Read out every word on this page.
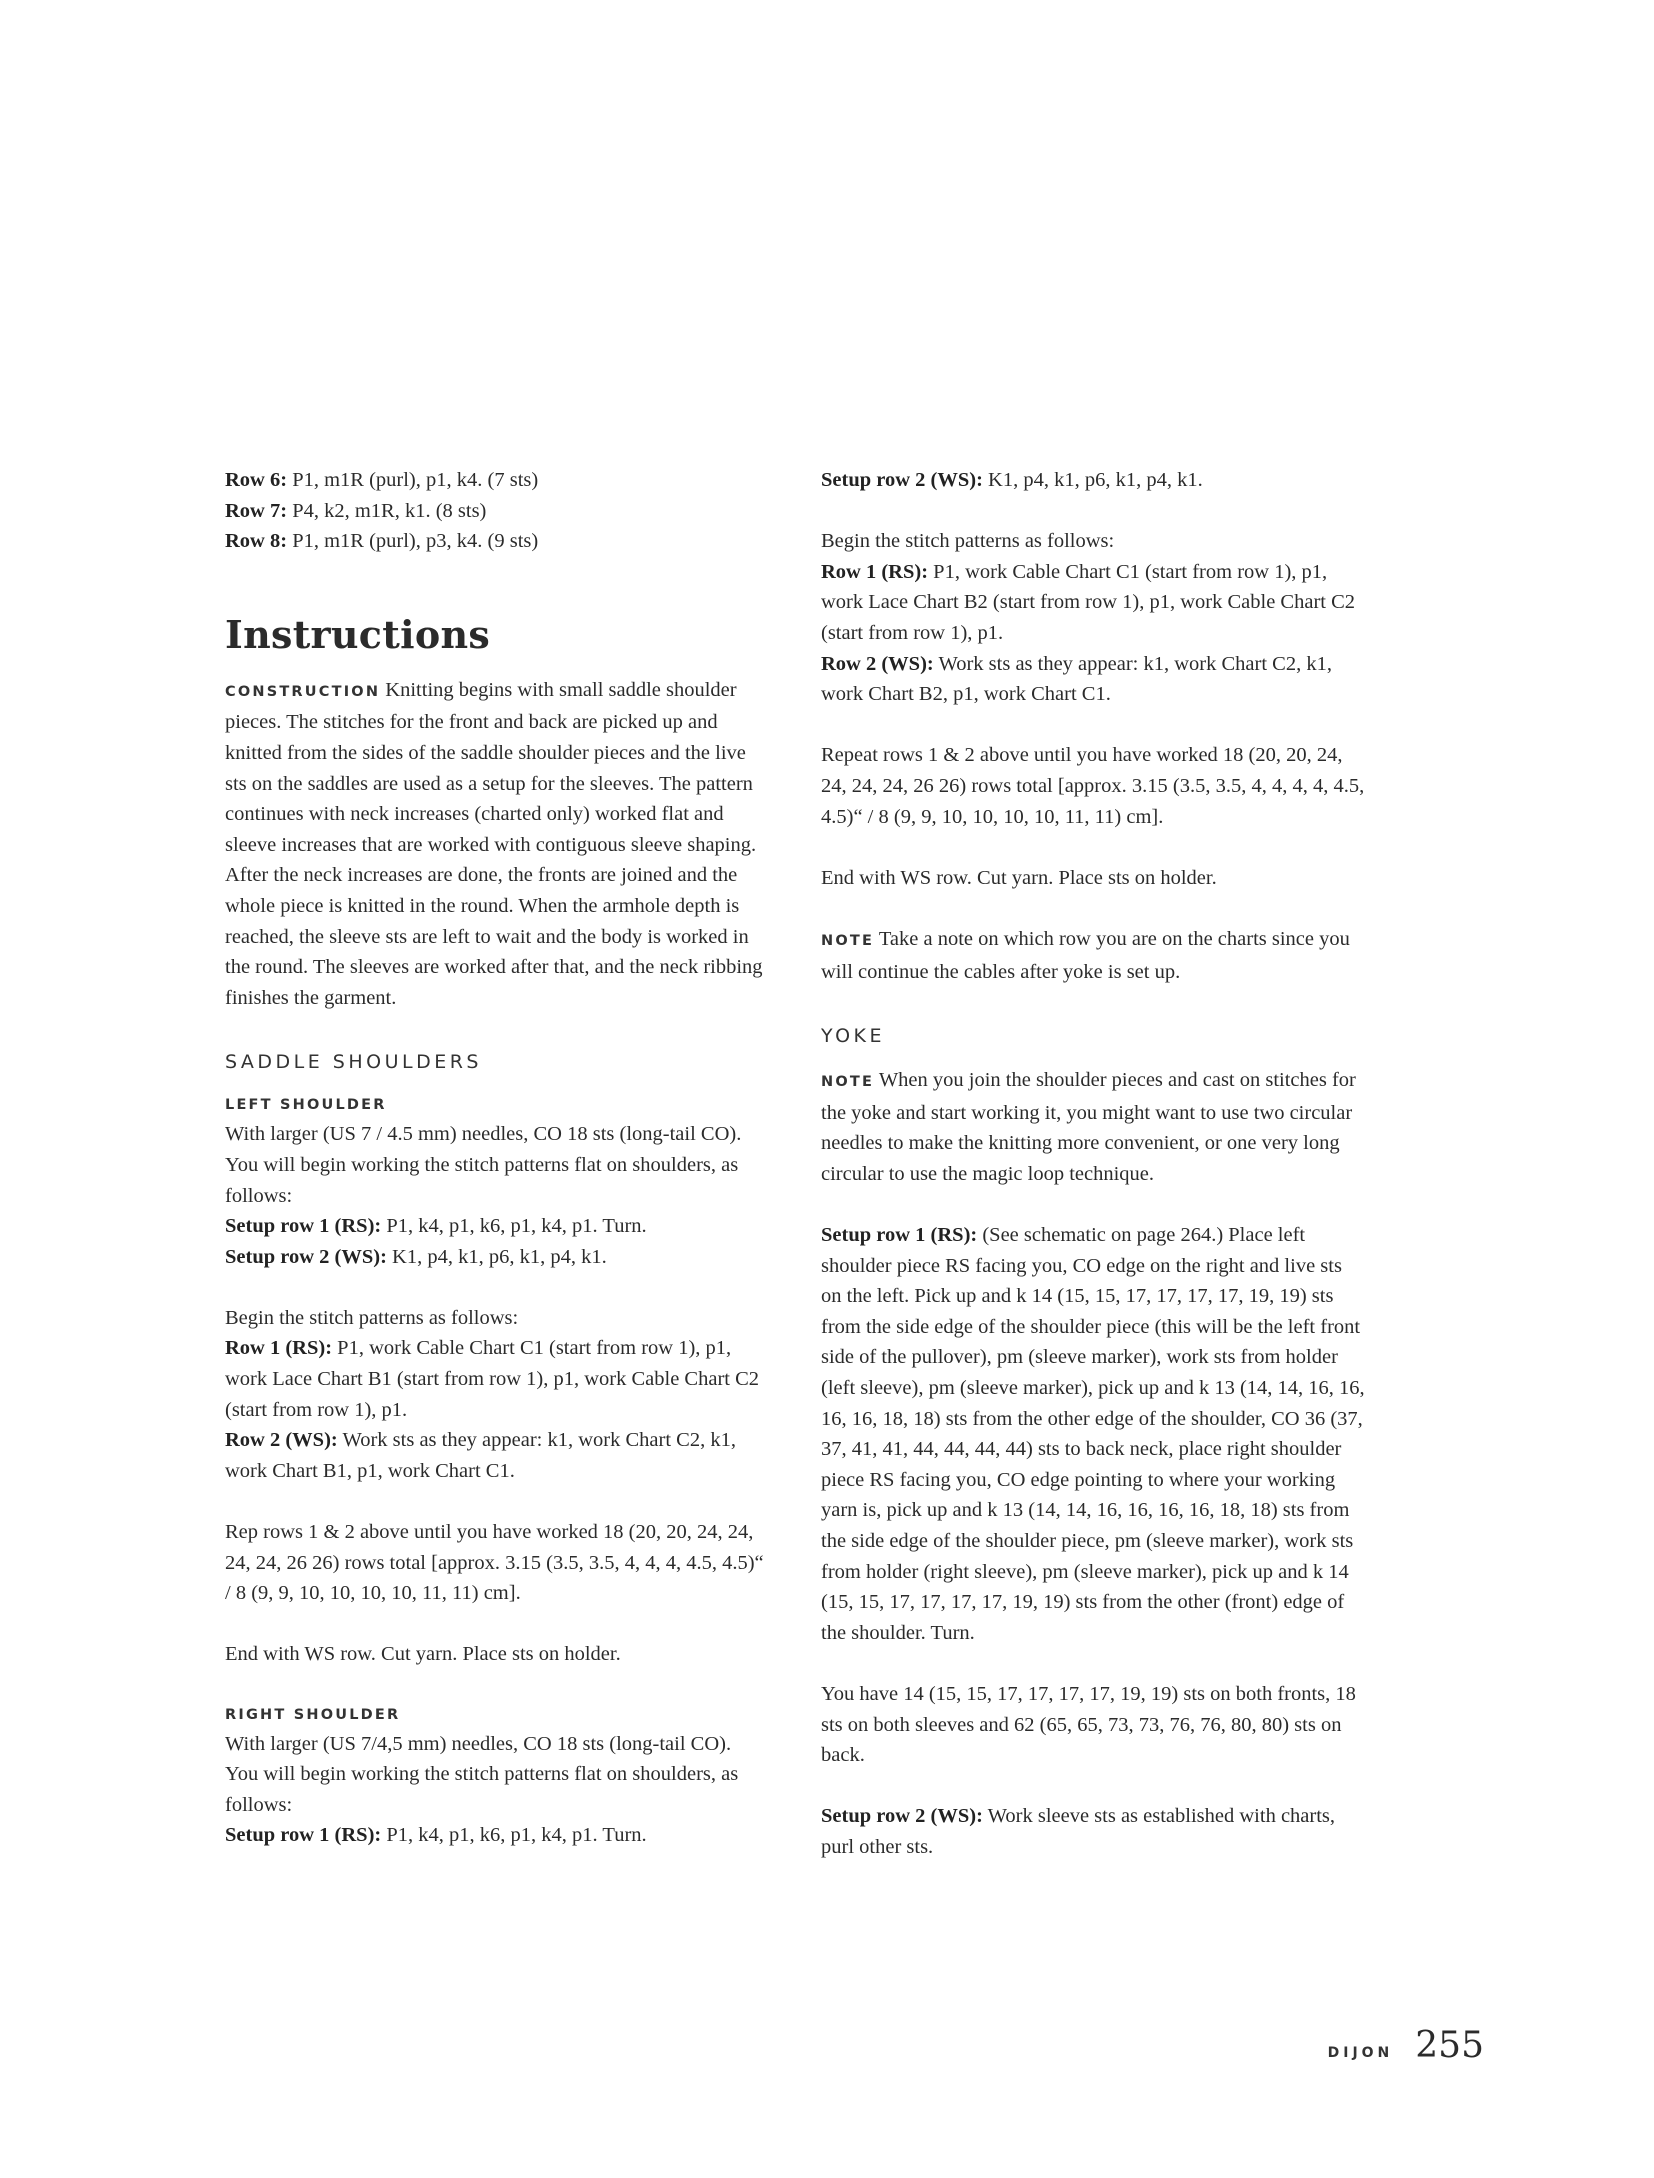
Row 6: P1, m1R (purl), p1, k4. (7 sts)

Row 7: P4, k2, m1R, k1. (8 sts)

Row 8: P1, m1R (purl), p3, k4. (9 sts)

Instructions

CONSTRUCTION Knitting begins with small saddle shoulder pieces. The stitches for the front and back are picked up and knitted from the sides of the saddle shoulder pieces and the live sts on the saddles are used as a setup for the sleeves. The pattern continues with neck increases (charted only) worked flat and sleeve increases that are worked with contiguous sleeve shaping. After the neck increases are done, the fronts are joined and the whole piece is knitted in the round. When the armhole depth is reached, the sleeve sts are left to wait and the body is worked in the round. The sleeves are worked after that, and the neck ribbing finishes the garment.

SADDLE SHOULDERS
LEFT SHOULDER

With larger (US 7 / 4.5 mm) needles, CO 18 sts (long-tail CO). You will begin working the stitch patterns flat on shoulders, as follows:

Setup row 1 (RS): P1, k4, p1, k6, p1, k4, p1. Turn.

Setup row 2 (WS): K1, p4, k1, p6, k1, p4, k1.

Begin the stitch patterns as follows:

Row 1 (RS): P1, work Cable Chart C1 (start from row 1), p1, work Lace Chart B1 (start from row 1), p1, work Cable Chart C2 (start from row 1), p1.

Row 2 (WS): Work sts as they appear: k1, work Chart C2, k1, work Chart B1, p1, work Chart C1.

Rep rows 1 & 2 above until you have worked 18 (20, 20, 24, 24, 24, 24, 26 26) rows total [approx. 3.15 (3.5, 3.5, 4, 4, 4, 4.5, 4.5)“ / 8 (9, 9, 10, 10, 10, 10, 11, 11) cm].

End with WS row. Cut yarn. Place sts on holder.

RIGHT SHOULDER

With larger (US 7/4,5 mm) needles, CO 18 sts (long-tail CO). You will begin working the stitch patterns flat on shoulders, as follows:

Setup row 1 (RS): P1, k4, p1, k6, p1, k4, p1. Turn.

Setup row 2 (WS): K1, p4, k1, p6, k1, p4, k1.

Begin the stitch patterns as follows:

Row 1 (RS): P1, work Cable Chart C1 (start from row 1), p1, work Lace Chart B2 (start from row 1), p1, work Cable Chart C2 (start from row 1), p1.

Row 2 (WS): Work sts as they appear: k1, work Chart C2, k1, work Chart B2, p1, work Chart C1.

Repeat rows 1 & 2 above until you have worked 18 (20, 20, 24, 24, 24, 24, 26 26) rows total [approx. 3.15 (3.5, 3.5, 4, 4, 4, 4, 4.5, 4.5)“ / 8 (9, 9, 10, 10, 10, 10, 11, 11) cm].

End with WS row. Cut yarn. Place sts on holder.

NOTE Take a note on which row you are on the charts since you will continue the cables after yoke is set up.

YOKE

NOTE When you join the shoulder pieces and cast on stitches for the yoke and start working it, you might want to use two circular needles to make the knitting more convenient, or one very long circular to use the magic loop technique.

Setup row 1 (RS): (See schematic on page 264.) Place left shoulder piece RS facing you, CO edge on the right and live sts on the left. Pick up and k 14 (15, 15, 17, 17, 17, 17, 19, 19) sts from the side edge of the shoulder piece (this will be the left front side of the pullover), pm (sleeve marker), work sts from holder (left sleeve), pm (sleeve marker), pick up and k 13 (14, 14, 16, 16, 16, 16, 18, 18) sts from the other edge of the shoulder, CO 36 (37, 37, 41, 41, 44, 44, 44, 44) sts to back neck, place right shoulder piece RS facing you, CO edge pointing to where your working yarn is, pick up and k 13 (14, 14, 16, 16, 16, 16, 18, 18) sts from the side edge of the shoulder piece, pm (sleeve marker), work sts from holder (right sleeve), pm (sleeve marker), pick up and k 14 (15, 15, 17, 17, 17, 17, 19, 19) sts from the other (front) edge of the shoulder. Turn.

You have 14 (15, 15, 17, 17, 17, 17, 19, 19) sts on both fronts, 18 sts on both sleeves and 62 (65, 65, 73, 73, 76, 76, 80, 80) sts on back.

Setup row 2 (WS): Work sleeve sts as established with charts, purl other sts.

DIJON 255
